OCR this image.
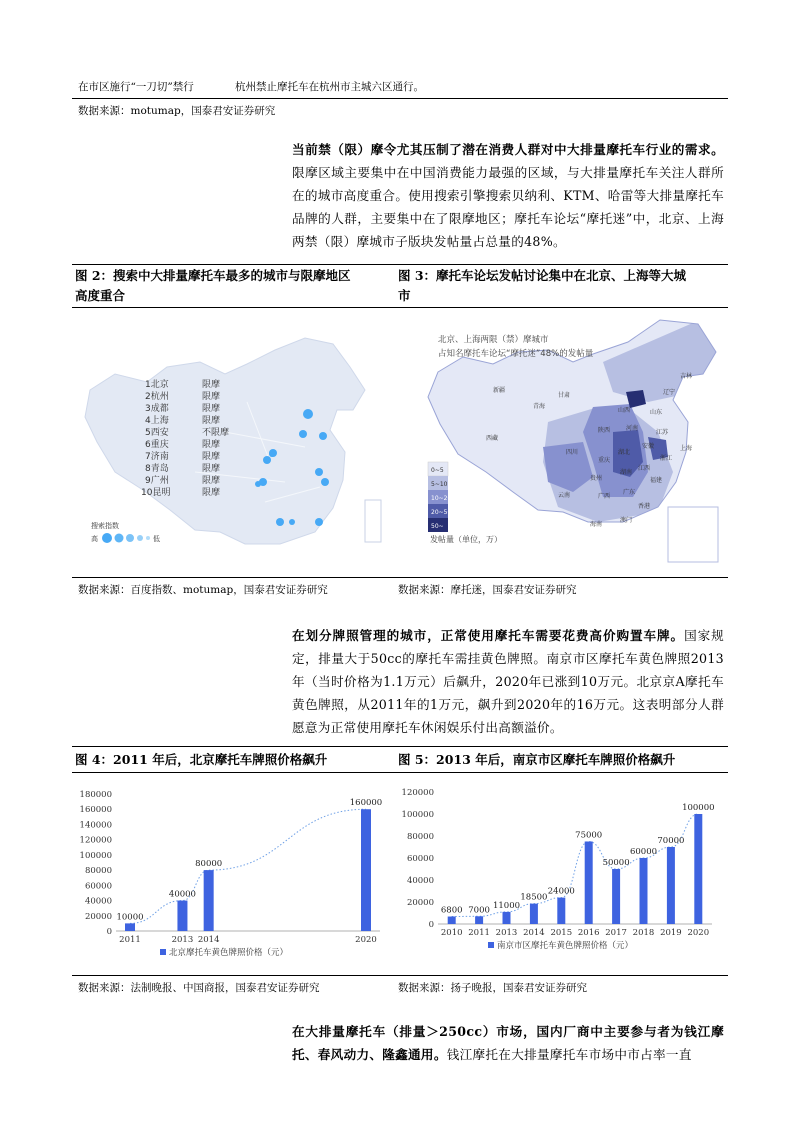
在市区施行“一刀切”禁行	杭州禁止摩托车在杭州市主城六区通行。
数据来源：motumap，国泰君安证券研究
当前禁（限）摩令尤其压制了潜在消费人群对中大排量摩托车行业的需求。限摩区域主要集中在中国消费能力最强的区域，与大排量摩托车关注人群所在的城市高度重合。使用搜索引擎搜索贝纳利、KTM、哈雷等大排量摩托车品牌的人群，主要集中在了限摩地区；摩托车论坛“摩托迷”中，北京、上海两禁（限）摩城市子版块发帖量占总量的48%。
图 2：搜索中大排量摩托车最多的城市与限摩地区
高度重合
图 3：摩托车论坛发帖讨论集中在北京、上海等大城
市
1北京	限摩
2杭州	限摩
3成都	限摩
4上海	限摩
5西安	不限摩
6重庆	限摩
7济南	限摩
8青岛	限摩
9广州	限摩
10昆明	限摩
搜索指数
高	低
新疆
西藏
青海
甘肃
四川
云南
贵州
广西
广东
湖南
湖北
河南
山西
陕西
山东
江苏
上海
浙江
江西
福建
安徽
吉林
辽宁
海南
澳门
香港
重庆
北京、上海两限（禁）摩城市
占知名摩托车论坛“摩托迷”48%的发帖量
0~5
5~10
10~20
20~50
50~
发帖量（单位，万）
数据来源：百度指数、motumap，国泰君安证券研究	数据来源：摩托迷，国泰君安证券研究
在划分牌照管理的城市，正常使用摩托车需要花费高价购置车牌。国家规定，排量大于50cc的摩托车需挂黄色牌照。南京市区摩托车黄色牌照2013年（当时价格为1.1万元）后飙升，2020年已涨到10万元。北京京A摩托车黄色牌照，从2011年的1万元，飙升到2020年的16万元。这表明部分人群愿意为正常使用摩托车休闲娱乐付出高额溢价。
图 4：2011 年后，北京摩托车牌照价格飙升	图 5：2013 年后，南京市区摩托车牌照价格飙升
180000
160000
140000
120000
100000
80000
60000
40000
20000
0
10000
40000
80000
160000
2011	2013 2014	2020
北京摩托车黄色牌照价格（元）
120000
100000
80000
60000
40000
20000
0
6800 7000 11000
18500
24000
75000
50000
60000
70000
100000
2010 2011 2013 2014 2015 2016 2017 2018 2019 2020
南京市区摩托车黄色牌照价格（元）
数据来源：法制晚报、中国商报，国泰君安证券研究	数据来源：扬子晚报，国泰君安证券研究
在大排量摩托车（排量＞250cc）市场，国内厂商中主要参与者为钱江摩托、春风动力、隆鑫通用。钱江摩托在大排量摩托车市场中市占率一直
